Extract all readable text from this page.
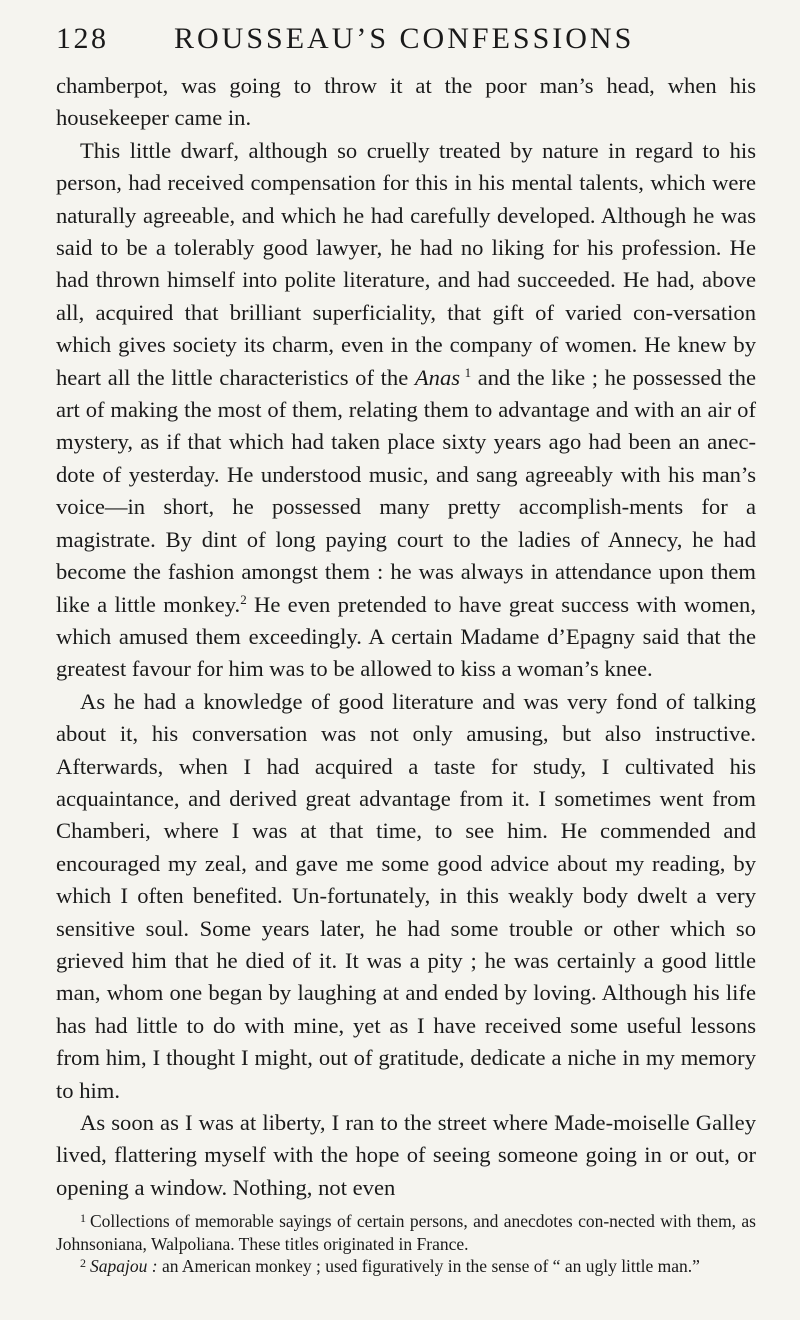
128	ROUSSEAU’S CONFESSIONS

chamberpot, was going to throw it at the poor man’s head, when his housekeeper came in.

This little dwarf, although so cruelly treated by nature in regard to his person, had received compensation for this in his mental talents, which were naturally agreeable, and which he had carefully developed. Although he was said to be a tolerably good lawyer, he had no liking for his profession. He had thrown himself into polite literature, and had succeeded. He had, above all, acquired that brilliant superficiality, that gift of varied con-versation which gives society its charm, even in the company of women. He knew by heart all the little characteristics of the Anas  $^1$ and the like ; he possessed the art of making the most of them, relating them to advantage and with an air of mystery, as if that which had taken place sixty years ago had been an anec-dote of yesterday. He understood music, and sang agreeably with his man’s voice—in short, he possessed many pretty accomplish-ments for a magistrate. By dint of long paying court to the ladies of Annecy, he had become the fashion amongst them : he was always in attendance upon them like a little monkey.$^2$ He even pretended to have great success with women, which amused them exceedingly. A certain Madame d’Epagny said that the greatest favour for him was to be allowed to kiss a woman’s knee.

As he had a knowledge of good literature and was very fond of talking about it, his conversation was not only amusing, but also instructive. Afterwards, when I had acquired a taste for study, I cultivated his acquaintance, and derived great advantage from it. I sometimes went from Chamberi, where I was at that time, to see him. He commended and encouraged my zeal, and gave me some good advice about my reading, by which I often benefited. Un-fortunately, in this weakly body dwelt a very sensitive soul. Some years later, he had some trouble or other which so grieved him that he died of it. It was a pity ; he was certainly a good little man, whom one began by laughing at and ended by loving. Although his life has had little to do with mine, yet as I have received some useful lessons from him, I thought I might, out of gratitude, dedicate a niche in my memory to him.

As soon as I was at liberty, I ran to the street where Made-moiselle Galley lived, flattering myself with the hope of seeing someone going in or out, or opening a window. Nothing, not even

$^1$ Collections of memorable sayings of certain persons, and anecdotes con-nected with them, as Johnsoniana, Walpoliana. These titles originated in France.

$^2$ Sapajou : an American monkey ; used figuratively in the sense of “ an ugly little man.”
